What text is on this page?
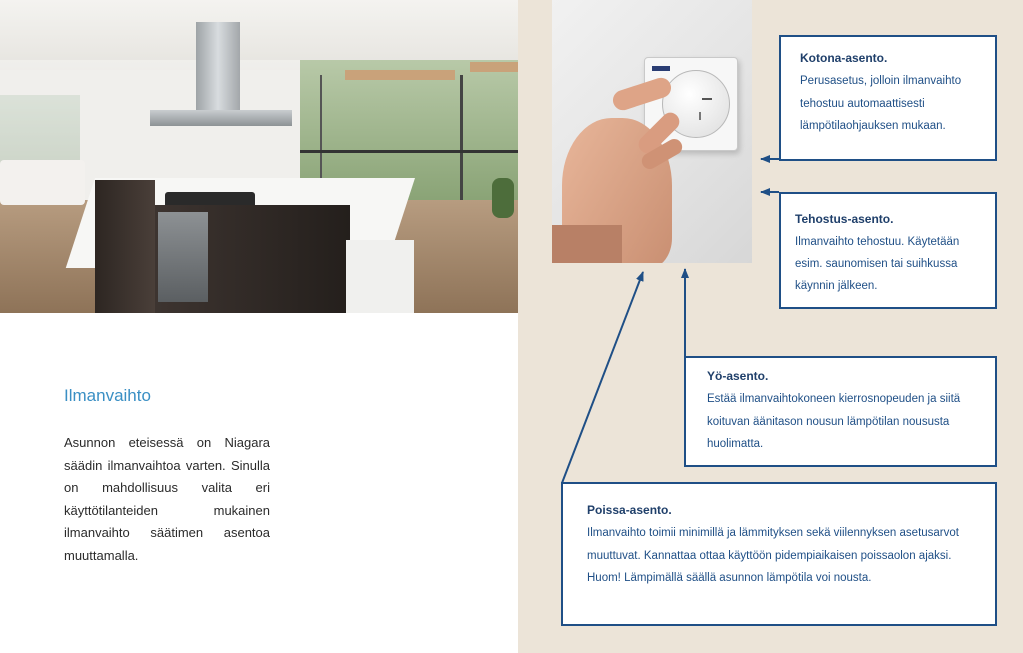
Ilmanvaihto

Asunnon eteisessä on Niagara säädin ilmanvaihtoa varten. Sinulla on mahdollisuus valita eri käyttötilanteiden mukainen ilmanvaihto säätimen asentoa muuttamalla.

Kotona-asento.
Perusasetus, jolloin ilmanvaihto tehostuu automaattisesti lämpötilaohjauksen mukaan.
Tehostus-asento.
Ilmanvaihto tehostuu. Käytetään esim. saunomisen tai suihkussa käynnin jälkeen.
Yö-asento.
Estää ilmanvaihtokoneen kierrosnopeuden ja siitä koituvan äänitason nousun lämpötilan noususta huolimatta.
Poissa-asento.
Ilmanvaihto toimii minimillä ja lämmityksen sekä viilennyksen asetusarvot muuttuvat. Kannattaa ottaa käyttöön pidempiaikaisen poissaolon ajaksi.
Huom! Lämpimällä säällä asunnon lämpötila voi nousta.
